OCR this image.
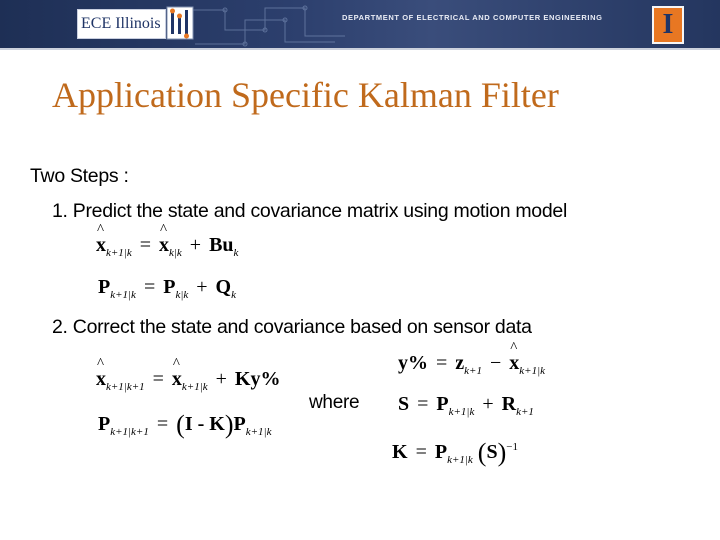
ECE Illinois	DEPARTMENT OF ELECTRICAL AND COMPUTER ENGINEERING	I
Application Specific Kalman Filter
Two Steps :
1. Predict the state and covariance matrix using motion model
2. Correct the state and covariance based on sensor data
where
^ $x_{k+1|k}$ = ^ $x_{k|k} + Bu_k$
$P_{k+1|k} = P_{k|k} + Q_k$
^ $x_{k+1|k+1}$ = ^ $x_{k+1|k} + Ky\%$
$P_{k+1|k+1} = (I - K)P_{k+1|k}$
$y\% = z_{k+1}$ − ^ $x_{k+1|k}$
$S = P_{k+1|k} + R_{k+1}$
$K = P_{k+1|k}$ $(S)^{-1}$
